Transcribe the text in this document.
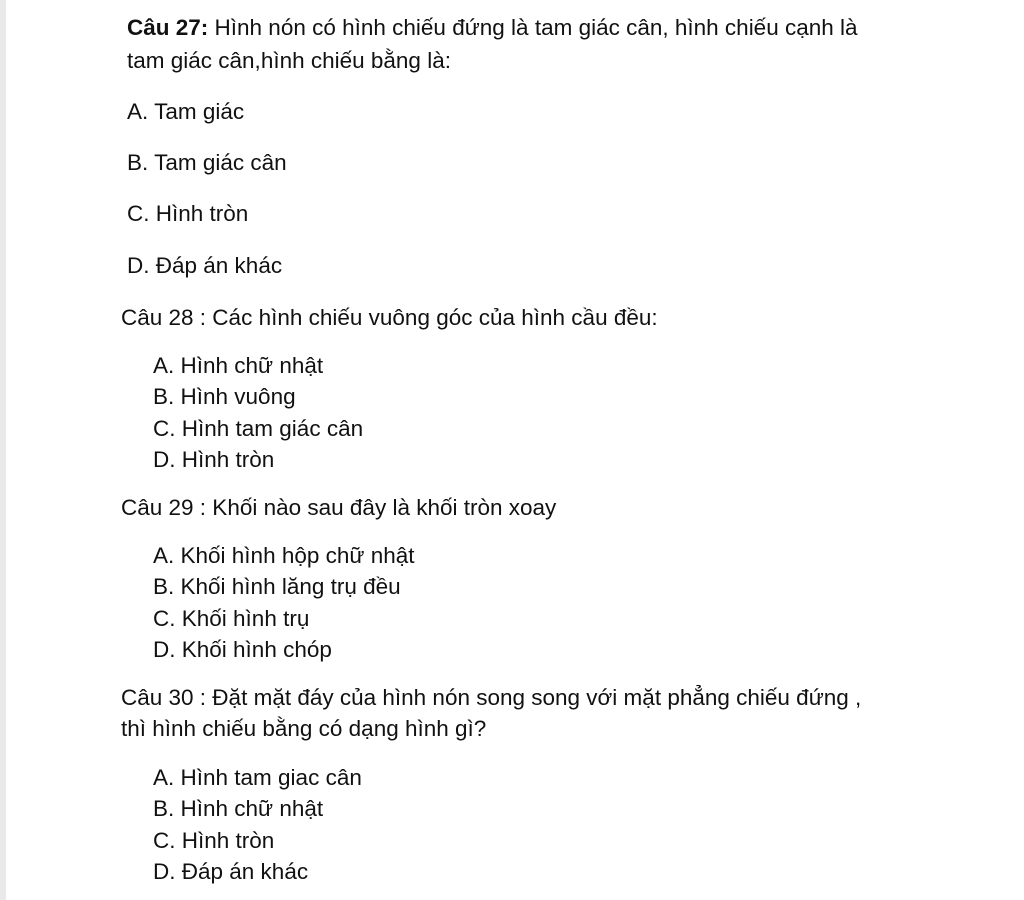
Câu 27: Hình nón có hình chiếu đứng là tam giác cân, hình chiếu cạnh là
tam giác cân,hình chiếu bằng là:
A. Tam giác
B. Tam giác cân
C. Hình tròn
D. Đáp án khác
Câu 28 : Các hình chiếu vuông góc của hình cầu đều:
A. Hình chữ nhật
B. Hình vuông
C. Hình tam giác cân
D. Hình tròn
Câu 29 : Khối nào sau đây là khối tròn xoay
A. Khối hình hộp chữ nhật
B. Khối hình lăng trụ đều
C. Khối hình trụ
D. Khối hình chóp
Câu 30 : Đặt mặt đáy của hình nón song song với mặt phẳng chiếu đứng ,
thì hình chiếu bằng có dạng hình gì?
A. Hình tam giac cân
B. Hình chữ nhật
C. Hình tròn
D. Đáp án khác
